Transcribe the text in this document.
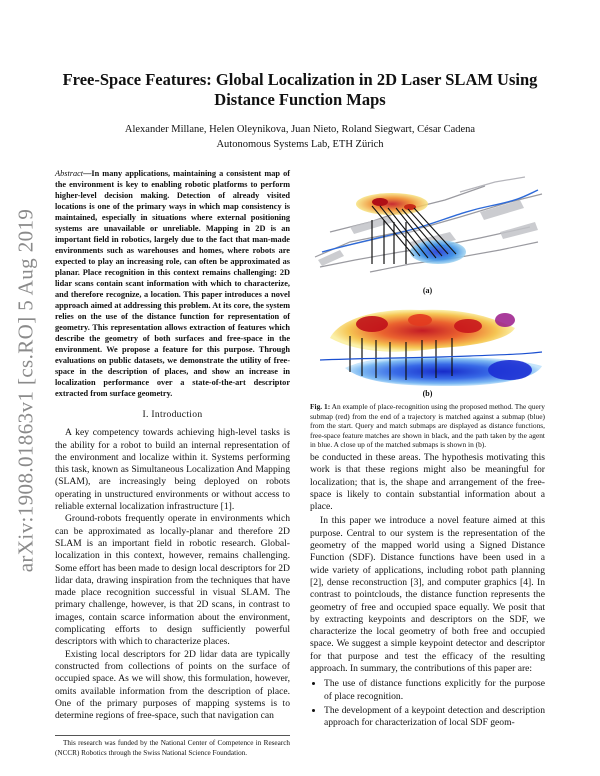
arXiv:1908.01863v1 [cs.RO] 5 Aug 2019
Free-Space Features: Global Localization in 2D Laser SLAM Using Distance Function Maps
Alexander Millane, Helen Oleynikova, Juan Nieto, Roland Siegwart, César Cadena
Autonomous Systems Lab, ETH Zürich

Abstract—In many applications, maintaining a consistent map of the environment is key to enabling robotic platforms to perform higher-level decision making. Detection of already visited locations is one of the primary ways in which map consistency is maintained, especially in situations where external positioning systems are unavailable or unreliable. Mapping in 2D is an important field in robotics, largely due to the fact that man-made environments such as warehouses and homes, where robots are expected to play an increasing role, can often be approximated as planar. Place recognition in this context remains challenging: 2D lidar scans contain scant information with which to characterize, and therefore recognize, a location. This paper introduces a novel approach aimed at addressing this problem. At its core, the system relies on the use of the distance function for representation of geometry. This representation allows extraction of features which describe the geometry of both surfaces and free-space in the environment. We propose a feature for this purpose. Through evaluations on public datasets, we demonstrate the utility of free-space in the description of places, and show an increase in localization performance over a state-of-the-art descriptor extracted from surface geometry.

I. Introduction

A key competency towards achieving high-level tasks is the ability for a robot to build an internal representation of the environment and localize within it. Systems performing this task, known as Simultaneous Localization And Mapping (SLAM), are increasingly being deployed on robots operating in unstructured environments or without access to reliable external localization infrastructure [1].

Ground-robots frequently operate in environments which can be approximated as locally-planar and therefore 2D SLAM is an important field in robotic research. Global-localization in this context, however, remains challenging. Some effort has been made to design local descriptors for 2D lidar data, drawing inspiration from the techniques that have made place recognition successful in visual SLAM. The primary challenge, however, is that 2D scans, in contrast to images, contain scarce information about the environment, complicating efforts to design sufficiently powerful descriptors with which to characterize places.

Existing local descriptors for 2D lidar data are typically constructed from collections of points on the surface of occupied space. As we will show, this formulation, however, omits available information from the description of place. One of the primary purposes of mapping systems is to determine regions of free-space, such that navigation can

This research was funded by the National Center of Competence in Research (NCCR) Robotics through the Swiss National Science Foundation.
(a)
(b)
Fig. 1: An example of place-recognition using the proposed method. The query submap (red) from the end of a trajectory is matched against a submap (blue) from the start. Query and match submaps are displayed as distance functions, free-space feature matches are shown in black, and the path taken by the agent in blue. A close up of the matched submaps is shown in (b).

be conducted in these areas. The hypothesis motivating this work is that these regions might also be meaningful for localization; that is, the shape and arrangement of the free-space is likely to contain substantial information about a place.

In this paper we introduce a novel feature aimed at this purpose. Central to our system is the representation of the geometry of the mapped world using a Signed Distance Function (SDF). Distance functions have been used in a wide variety of applications, including robot path planning [2], dense reconstruction [3], and computer graphics [4]. In contrast to pointclouds, the distance function represents the geometry of free and occupied space equally. We posit that by extracting keypoints and descriptors on the SDF, we characterize the local geometry of both free and occupied space. We suggest a simple keypoint detector and descriptor for that purpose and test the efficacy of the resulting approach. In summary, the contributions of this paper are:

• The use of distance functions explicitly for the purpose of place recognition.
• The development of a keypoint detection and description approach for characterization of local SDF geom-
